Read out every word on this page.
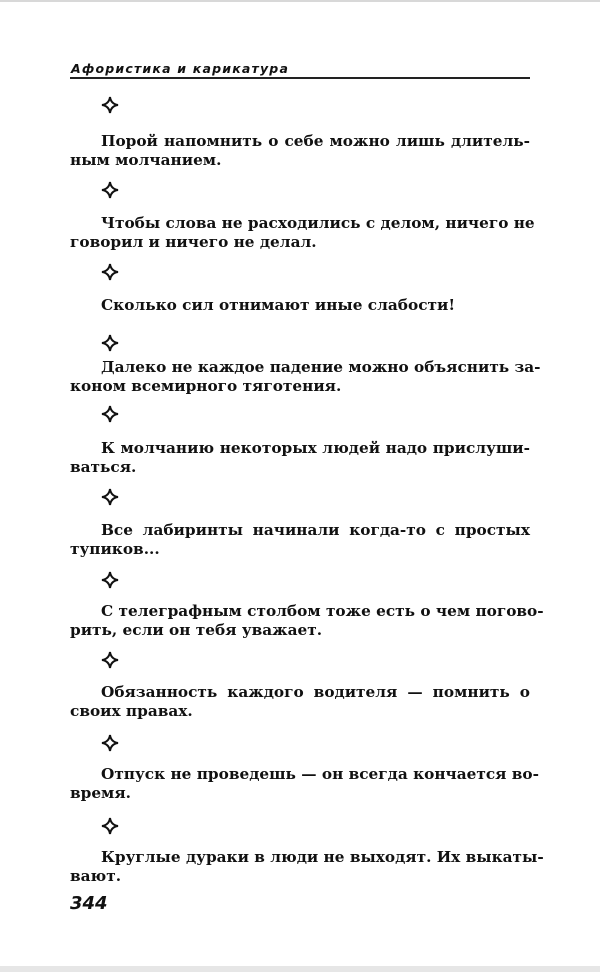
Афористика и карикатура
Порой напомнить о себе можно лишь длитель-
ным молчанием.
Чтобы слова не расходились с делом, ничего не
говорил и ничего не делал.
Сколько сил отнимают иные слабости!
Далеко не каждое падение можно объяснить за-
коном всемирного тяготения.
К молчанию некоторых людей надо прислуши-
ваться.
Все лабиринты начинали когда-то с простых
тупиков...
С телеграфным столбом тоже есть о чем погово-
рить, если он тебя уважает.
Обязанность каждого водителя — помнить о
своих правах.
Отпуск не проведешь — он всегда кончается во-
время.
Круглые дураки в люди не выходят. Их выкаты-
вают.
344
